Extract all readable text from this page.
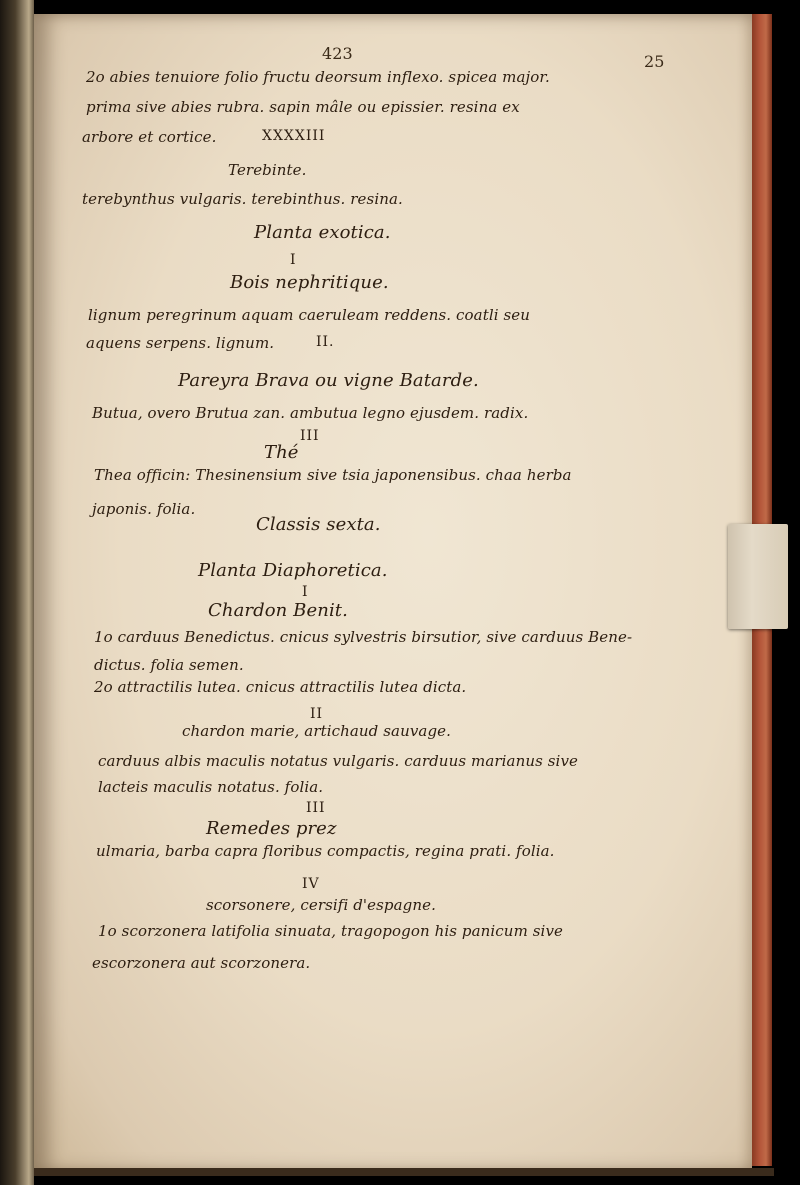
423	25
2o abies tenuiore folio fructu deorsum inflexo. spicea major.
prima sive abies rubra. sapin mâle ou epissier. resina ex
arbore et cortice.	XXXXIII
Terebinte.
terebynthus vulgaris. terebinthus. resina.
Planta exotica.
I
Bois nephritique.
lignum peregrinum aquam caeruleam reddens. coatli seu
aquens serpens. lignum.	II.
Pareyra Brava ou vigne Batarde.
Butua, overo Brutua zan. ambutua legno ejusdem. radix.
III
Thé
Thea officin: Thesinensium sive tsia japonensibus. chaa herba
japonis. folia.
Classis sexta.
Planta Diaphoretica.
I
Chardon Benit.
1o carduus Benedictus. cnicus sylvestris birsutior, sive carduus Bene-
dictus. folia semen.
2o attractilis lutea. cnicus attractilis lutea dicta.
II
chardon marie, artichaud sauvage.
carduus albis maculis notatus vulgaris. carduus marianus sive
lacteis maculis notatus. folia.
III
Remedes prez
ulmaria, barba capra floribus compactis, regina prati. folia.
IV
scorsonere, cersifi d'espagne.
1o scorzonera latifolia sinuata, tragopogon his panicum sive
escorzonera aut scorzonera.
